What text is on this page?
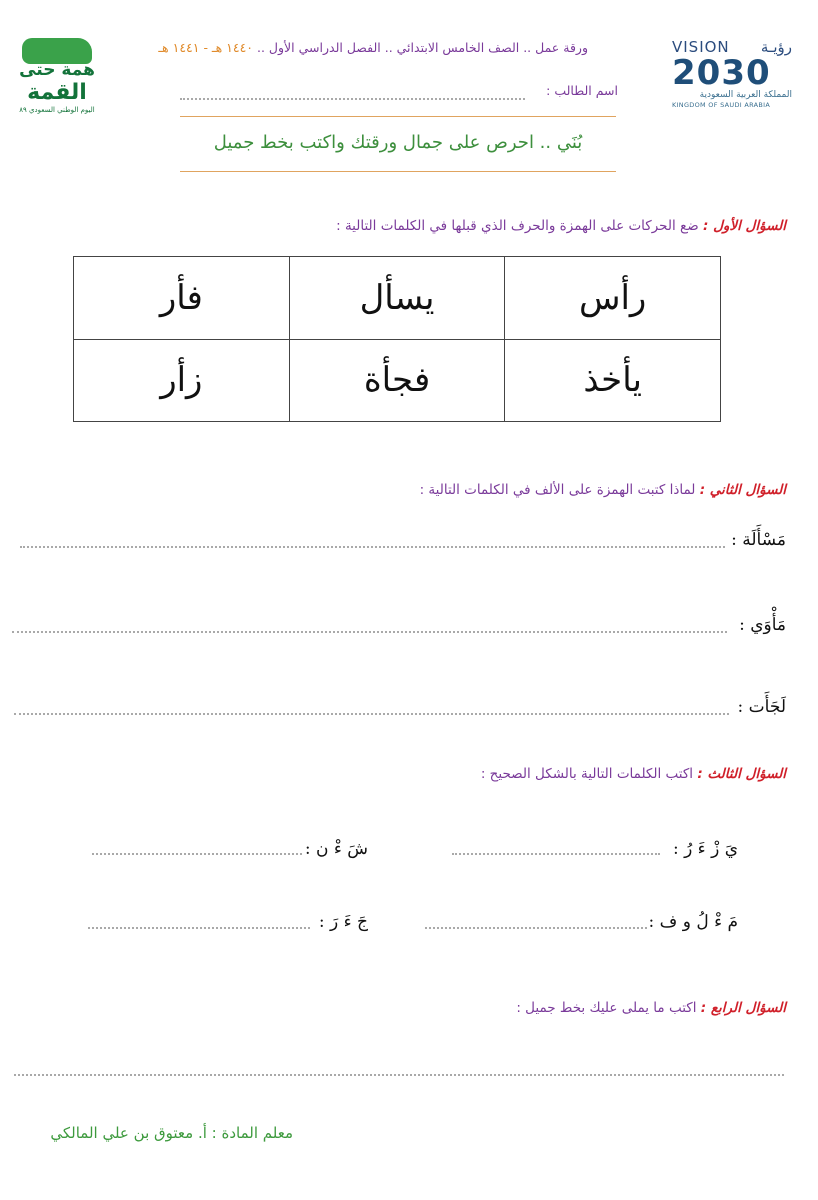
VISION رؤيـة
2030
المملكة العربية السعودية
KINGDOM OF SAUDI ARABIA
همة حتى
القمة
اليوم الوطني السعودي ٨٩
ورقة عمل .. الصف الخامس الابتدائي .. الفصل الدراسي الأول .. ١٤٤٠ هـ - ١٤٤١ هـ
اسم الطالب :
بُنَي .. احرص على جمال ورقتك واكتب بخط جميل
السؤال الأول : ضع الحركات على الهمزة والحرف الذي قبلها في الكلمات التالية :
رأس	يسأل	فأر
يأخذ	فجأة	زأر
السؤال الثاني : لماذا كتبت الهمزة على الألف في الكلمات التالية :
مَسْأَلَة :
مَأْوَي :
لَجَأَت :
السؤال الثالث : اكتب الكلمات التالية بالشكل الصحيح :
يَ زْ ءَ رُ :
شَ ءْ ن :
مَ ءْ لُ و ف :
جَ ءَ رَ :
السؤال الرابع : اكتب ما يملى عليك بخط جميل :
معلم المادة : أ. معتوق بن علي المالكي
